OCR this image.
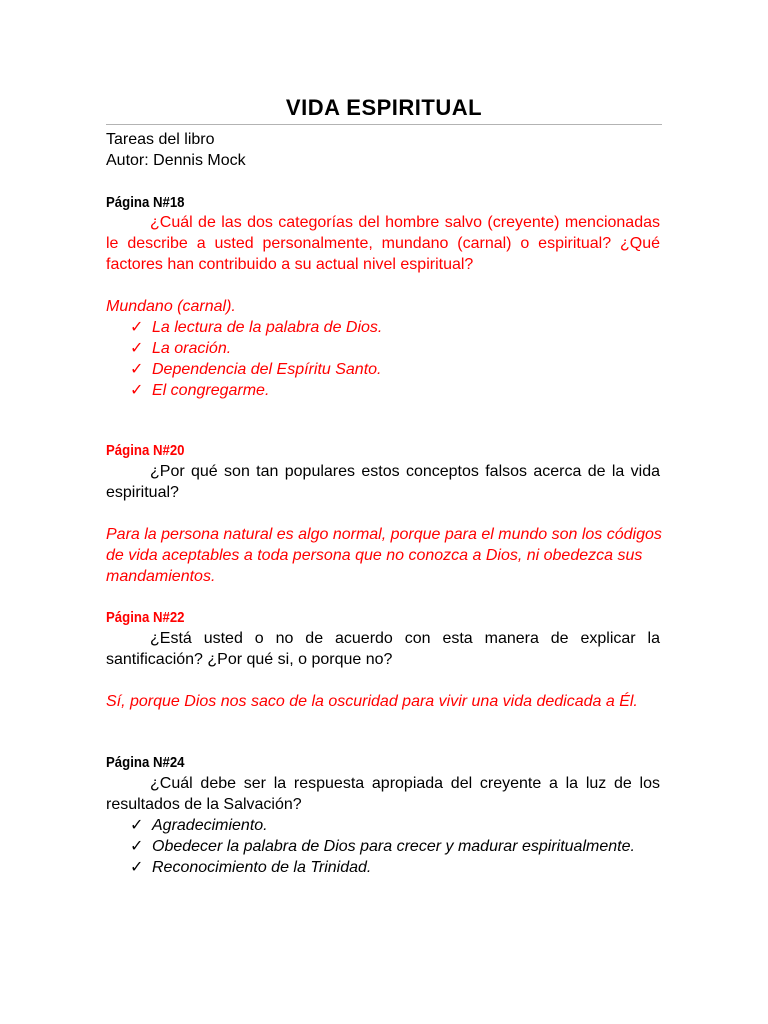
VIDA ESPIRITUAL
Tareas del libro
Autor: Dennis Mock
Página N#18
¿Cuál de las dos categorías del hombre salvo (creyente) mencionadas le describe a usted personalmente, mundano (carnal) o espiritual? ¿Qué factores han contribuido a su actual nivel espiritual?
Mundano (carnal).
✓ La lectura de la palabra de Dios.
✓ La oración.
✓ Dependencia del Espíritu Santo.
✓ El congregarme.
Página N#20
¿Por qué son tan populares estos conceptos falsos acerca de la vida espiritual?
Para la persona natural es algo normal, porque para el mundo son los códigos de vida aceptables a toda persona que no conozca a Dios, ni obedezca sus mandamientos.
Página N#22
¿Está usted o no de acuerdo con esta manera de explicar la santificación? ¿Por qué si, o porque no?
Sí, porque Dios nos saco de la oscuridad para vivir una vida dedicada a Él.
Página N#24
¿Cuál debe ser la respuesta apropiada del creyente a la luz de los resultados de la Salvación?
✓ Agradecimiento.
✓ Obedecer la palabra de Dios para crecer y madurar espiritualmente.
✓ Reconocimiento de la Trinidad.
